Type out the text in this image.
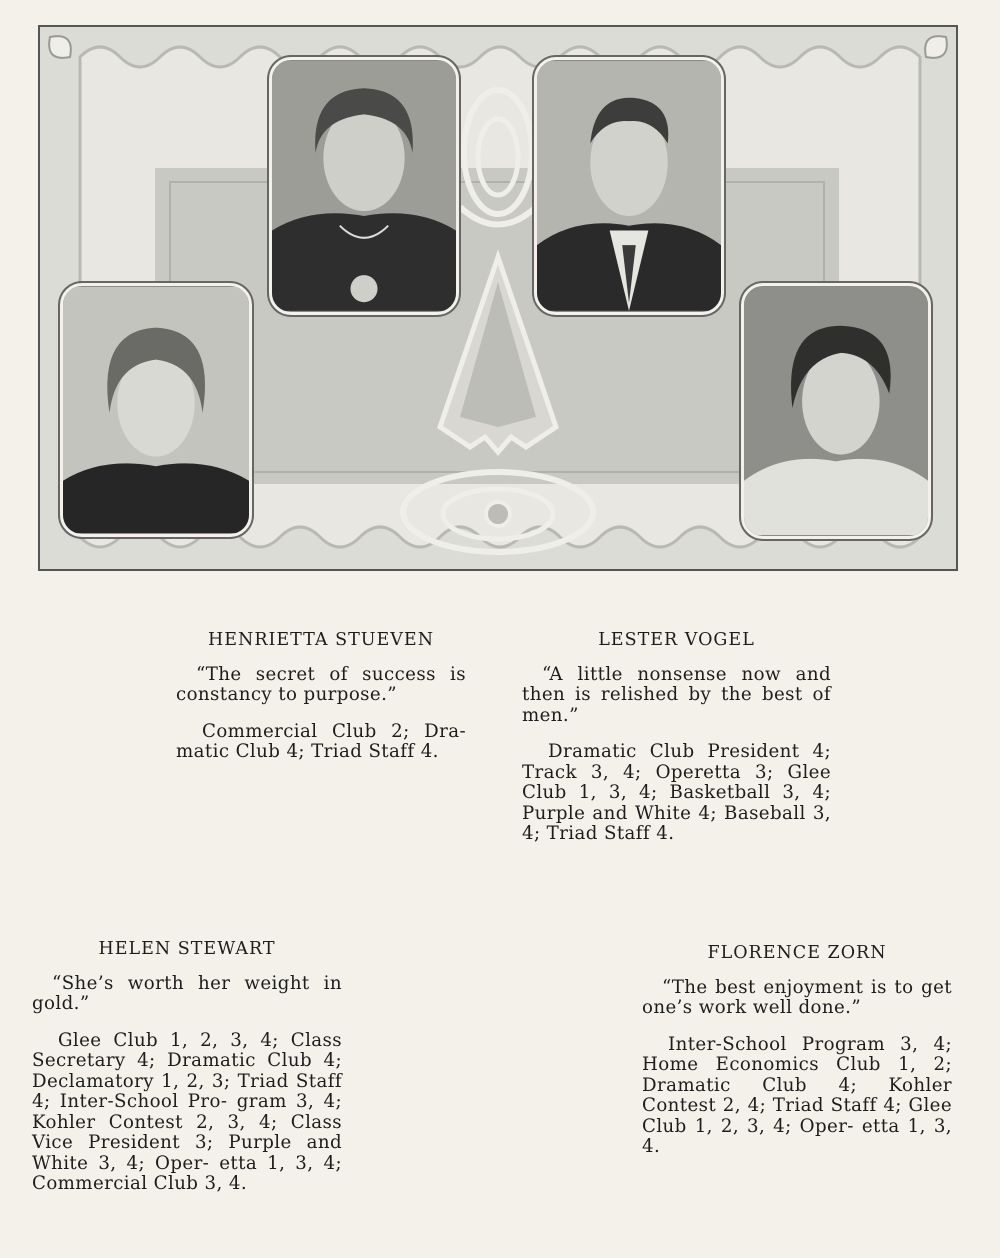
HENRIETTA STUEVEN
“The secret of success is constancy to purpose.”
Commercial Club 2; Dra- matic Club 4; Triad Staff 4.
LESTER VOGEL
“A little nonsense now and then is relished by the best of men.”
Dramatic Club President 4; Track 3, 4; Operetta 3; Glee Club 1, 3, 4; Basketball 3, 4; Purple and White 4; Baseball 3, 4; Triad Staff 4.
HELEN STEWART
“She’s worth her weight in gold.”
Glee Club 1, 2, 3, 4; Class Secretary 4; Dramatic Club 4; Declamatory 1, 2, 3; Triad Staff 4; Inter-School Pro- gram 3, 4; Kohler Contest 2, 3, 4; Class Vice President 3; Purple and White 3, 4; Oper- etta 1, 3, 4; Commercial Club 3, 4.
FLORENCE ZORN
“The best enjoyment is to get one’s work well done.”
Inter-School Program 3, 4; Home Economics Club 1, 2; Dramatic Club 4; Kohler Contest 2, 4; Triad Staff 4; Glee Club 1, 2, 3, 4; Oper- etta 1, 3, 4.
